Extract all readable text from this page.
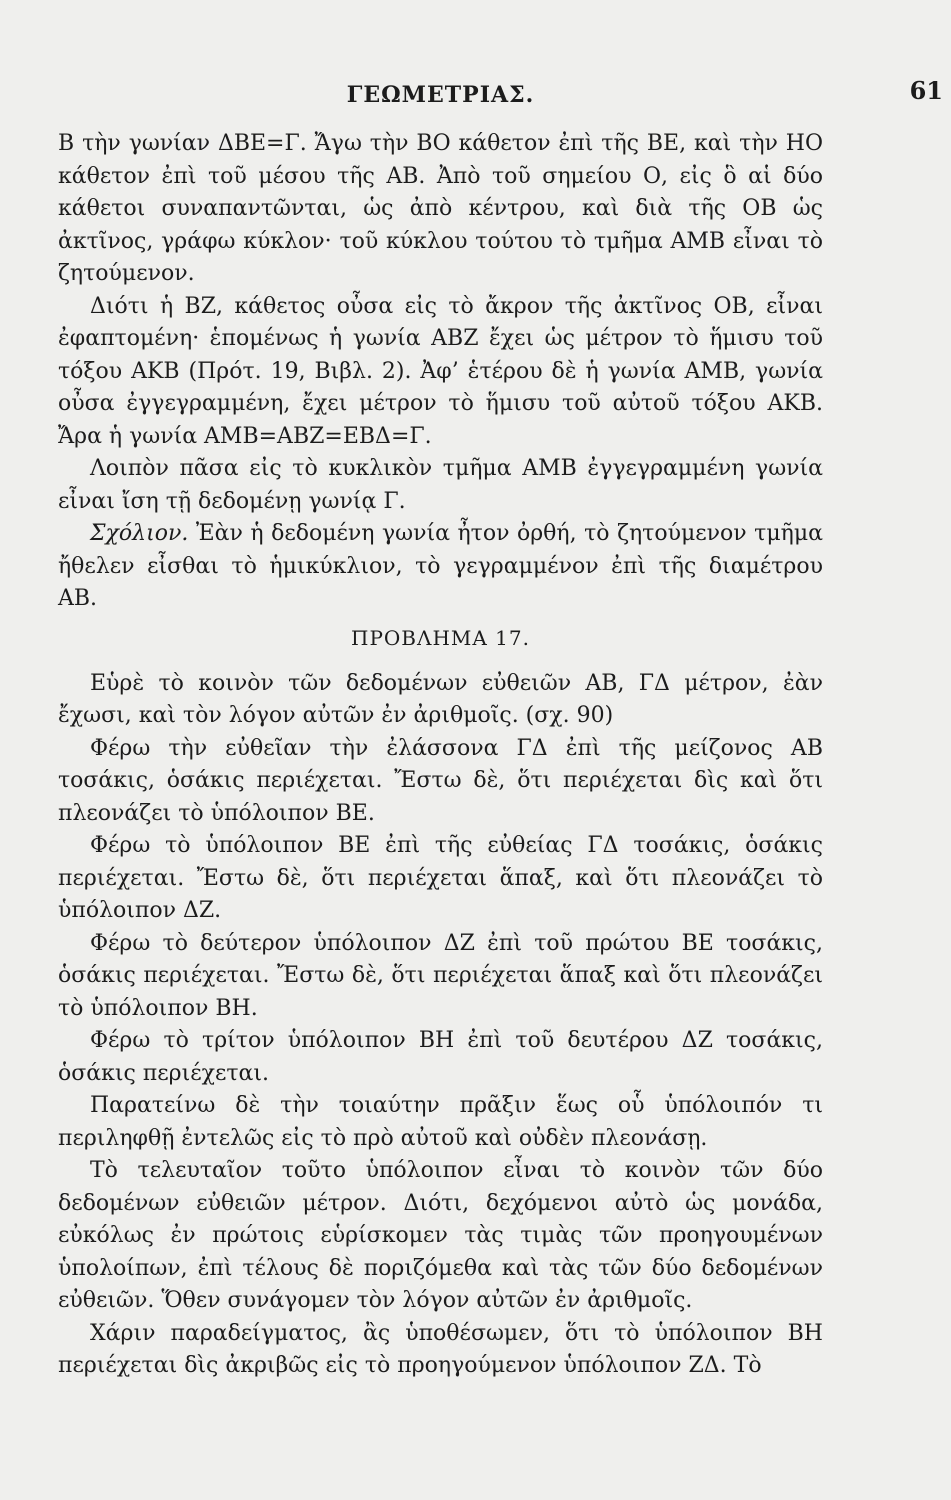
ΓΕΩΜΕΤΡΙΑΣ.	61

Β τὴν γωνίαν ΔΒΕ=Γ. Ἄγω τὴν ΒΟ κάθετον ἐπὶ τῆς ΒΕ, καὶ τὴν ΗΟ κάθετον ἐπὶ τοῦ μέσου τῆς ΑΒ. Ἀπὸ τοῦ σημείου Ο, εἰς ὃ αἱ δύο κάθετοι συναπαντῶνται, ὡς ἀπὸ κέντρου, καὶ διὰ τῆς ΟΒ ὡς ἀκτῖνος, γράφω κύκλον· τοῦ κύκλου τούτου τὸ τμῆμα ΑΜΒ εἶναι τὸ ζητούμενον.

Διότι ἡ ΒΖ, κάθετος οὖσα εἰς τὸ ἄκρον τῆς ἀκτῖνος ΟΒ, εἶναι ἐφαπτομένη· ἑπομένως ἡ γωνία ΑΒΖ ἔχει ὡς μέτρον τὸ ἥμισυ τοῦ τόξου ΑΚΒ (Πρότ. 19, Βιβλ. 2). Ἀφ’ ἑτέρου δὲ ἡ γωνία ΑΜΒ, γωνία οὖσα ἐγγεγραμμένη, ἔχει μέτρον τὸ ἥμισυ τοῦ αὐτοῦ τόξου ΑΚΒ. Ἄρα ἡ γωνία ΑΜΒ=ΑΒΖ=ΕΒΔ=Γ.

Λοιπὸν πᾶσα εἰς τὸ κυκλικὸν τμῆμα ΑΜΒ ἐγγεγραμμένη γωνία εἶναι ἴση τῇ δεδομένῃ γωνίᾳ Γ.

Σχόλιον. Ἐὰν ἡ δεδομένη γωνία ἦτον ὀρθή, τὸ ζητούμενον τμῆμα ἤθελεν εἶσθαι τὸ ἡμικύκλιον, τὸ γεγραμμένον ἐπὶ τῆς διαμέτρου ΑΒ.

ΠΡΟΒΛΗΜΑ 17.

Εὑρὲ τὸ κοινὸν τῶν δεδομένων εὐθειῶν ΑΒ, ΓΔ μέτρον, ἐὰν ἔχωσι, καὶ τὸν λόγον αὐτῶν ἐν ἀριθμοῖς. (σχ. 90)

Φέρω τὴν εὐθεῖαν τὴν ἐλάσσονα ΓΔ ἐπὶ τῆς μείζονος ΑΒ τοσάκις, ὁσάκις περιέχεται. Ἔστω δὲ, ὅτι περιέχεται δὶς καὶ ὅτι πλεονάζει τὸ ὑπόλοιπον ΒΕ.

Φέρω τὸ ὑπόλοιπον ΒΕ ἐπὶ τῆς εὐθείας ΓΔ τοσάκις, ὁσάκις περιέχεται. Ἔστω δὲ, ὅτι περιέχεται ἅπαξ, καὶ ὅτι πλεονάζει τὸ ὑπόλοιπον ΔΖ.

Φέρω τὸ δεύτερον ὑπόλοιπον ΔΖ ἐπὶ τοῦ πρώτου ΒΕ τοσάκις, ὁσάκις περιέχεται. Ἔστω δὲ, ὅτι περιέχεται ἅπαξ καὶ ὅτι πλεονάζει τὸ ὑπόλοιπον ΒΗ.

Φέρω τὸ τρίτον ὑπόλοιπον ΒΗ ἐπὶ τοῦ δευτέρου ΔΖ τοσάκις, ὁσάκις περιέχεται.

Παρατείνω δὲ τὴν τοιαύτην πρᾶξιν ἕως οὗ ὑπόλοιπόν τι περιληφθῇ ἐντελῶς εἰς τὸ πρὸ αὐτοῦ καὶ οὐδὲν πλεονάσῃ.

Τὸ τελευταῖον τοῦτο ὑπόλοιπον εἶναι τὸ κοινὸν τῶν δύο δεδομένων εὐθειῶν μέτρον. Διότι, δεχόμενοι αὐτὸ ὡς μονάδα, εὐκόλως ἐν πρώτοις εὑρίσκομεν τὰς τιμὰς τῶν προηγουμένων ὑπολοίπων, ἐπὶ τέλους δὲ ποριζόμεθα καὶ τὰς τῶν δύο δεδομένων εὐθειῶν. Ὅθεν συνάγομεν τὸν λόγον αὐτῶν ἐν ἀριθμοῖς.

Χάριν παραδείγματος, ἂς ὑποθέσωμεν, ὅτι τὸ ὑπόλοιπον ΒΗ περιέχεται δὶς ἀκριβῶς εἰς τὸ προηγούμενον ὑπόλοιπον ΖΔ. Τὸ
